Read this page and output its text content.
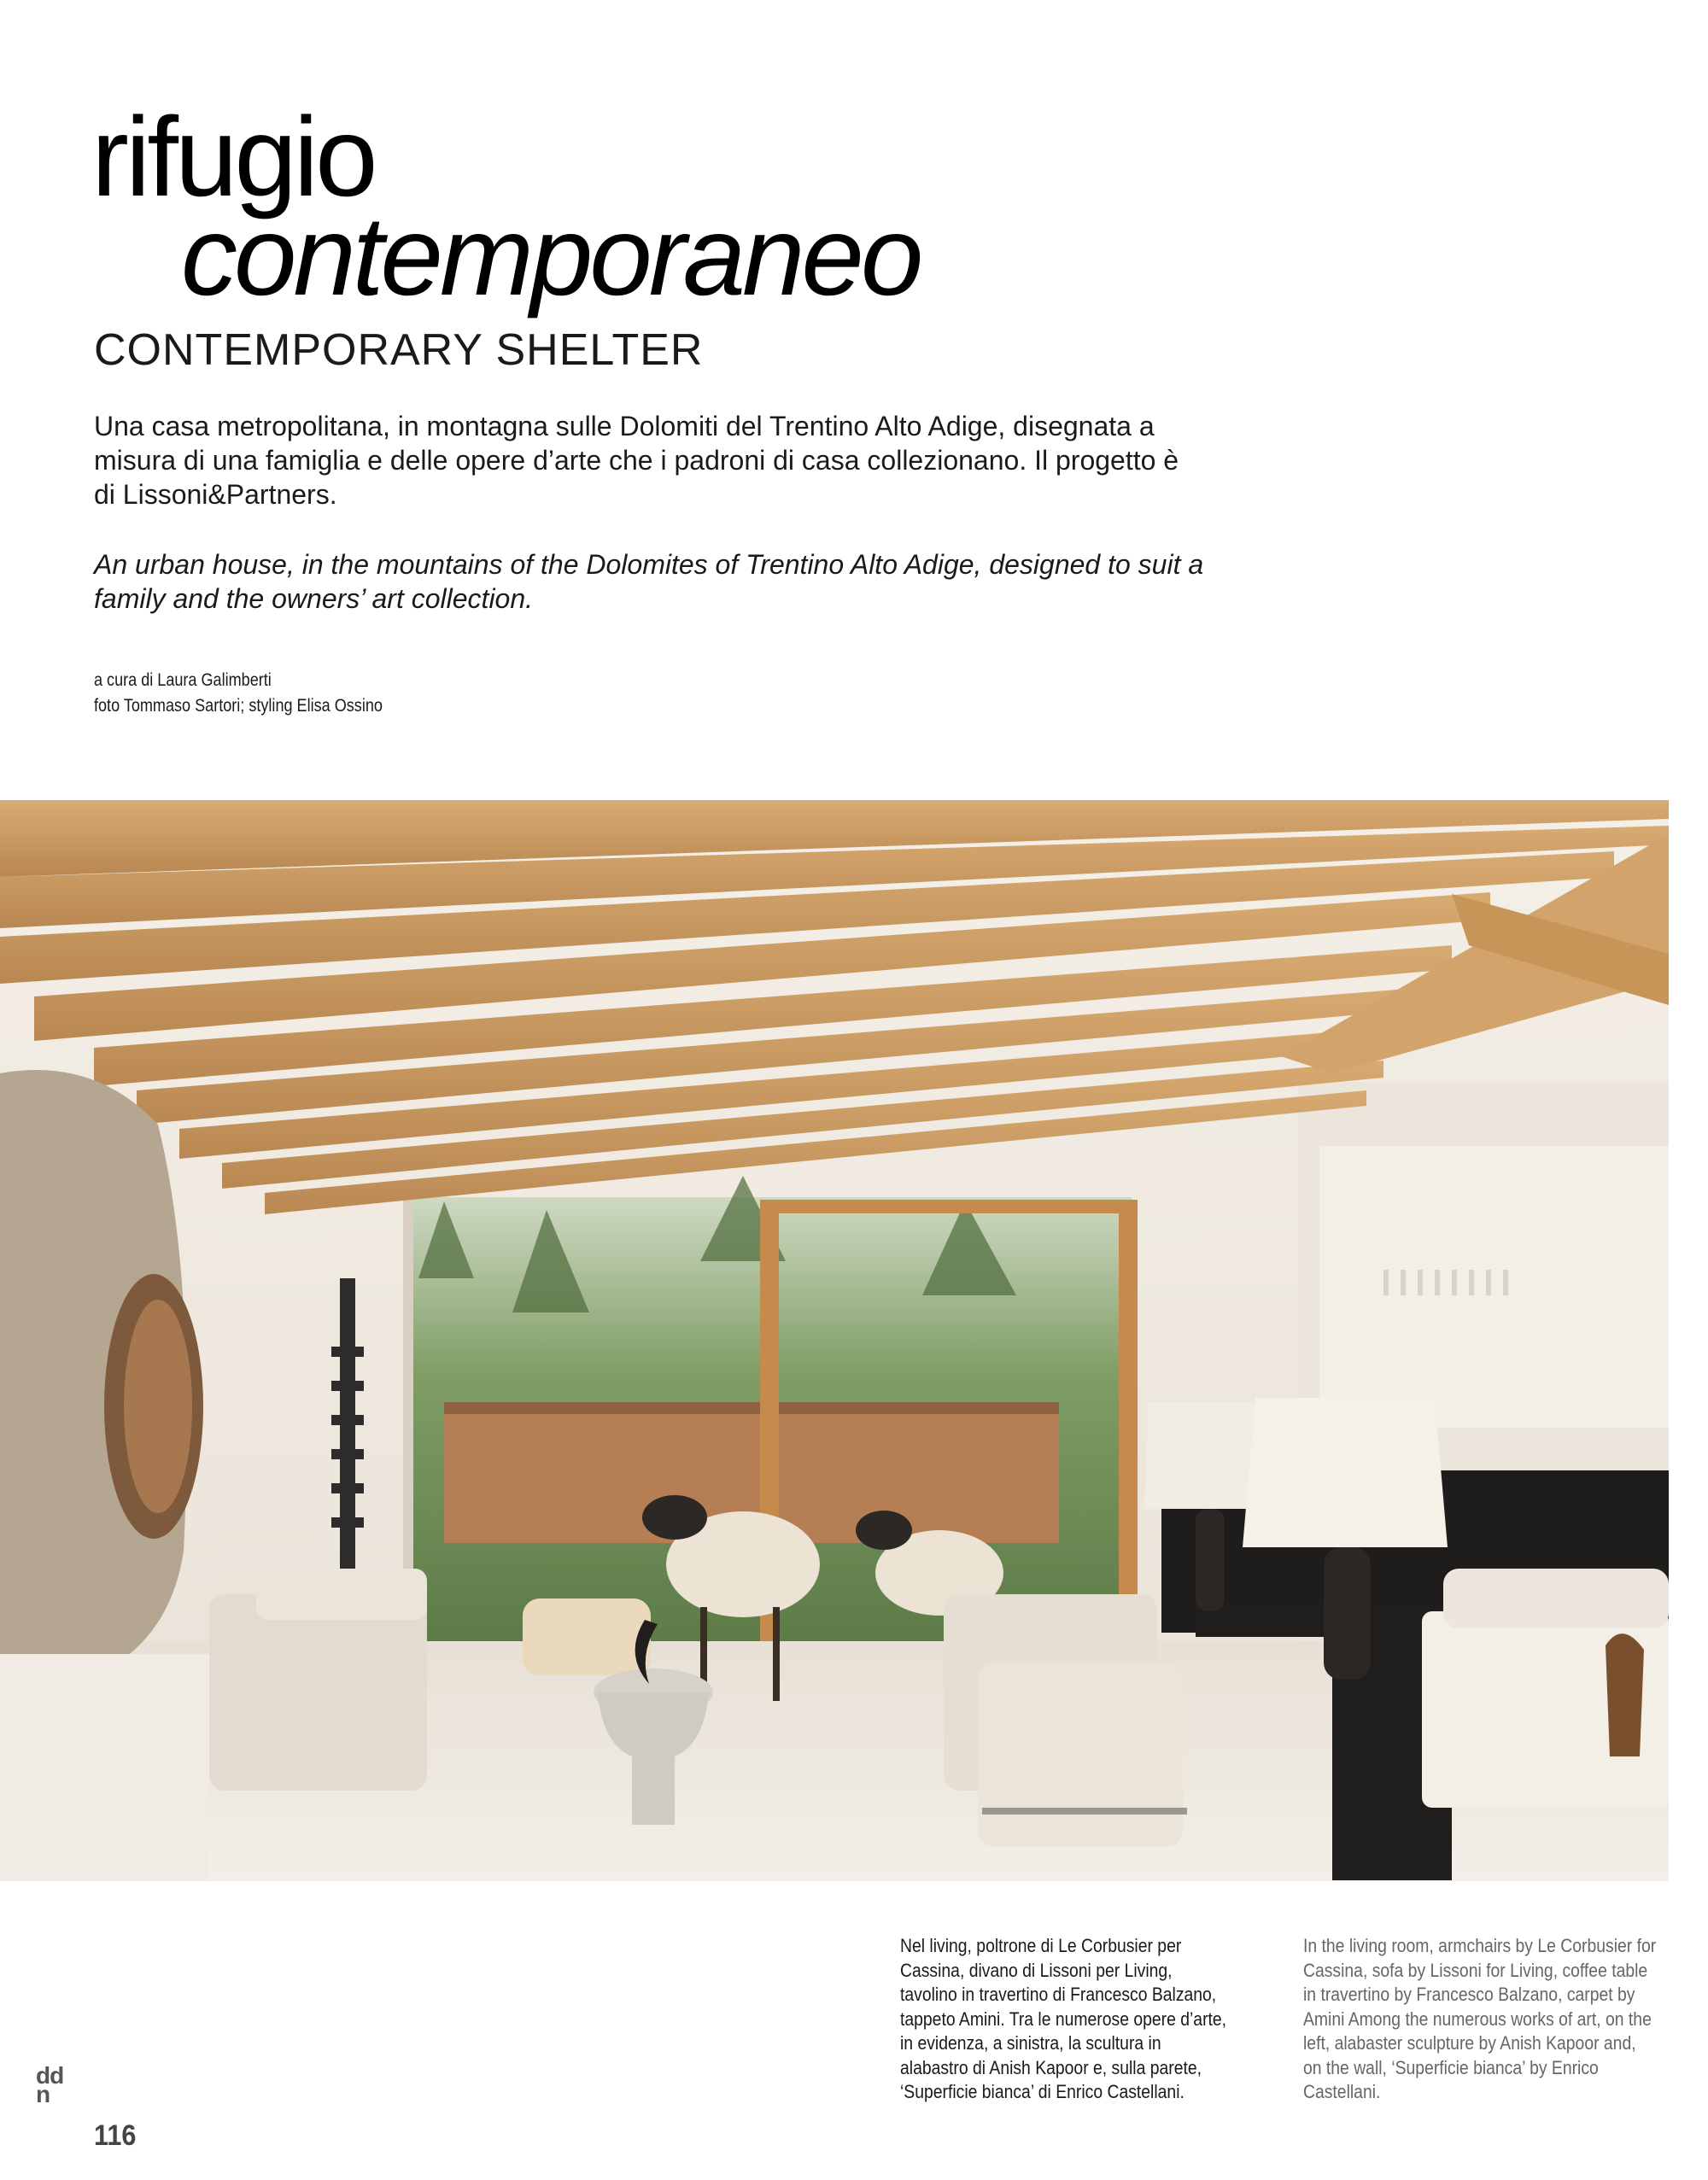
rifugio
contemporaneo
CONTEMPORARY SHELTER

Una casa metropolitana, in montagna sulle Dolomiti del Trentino Alto Adige, disegnata a misura di una famiglia e delle opere d’arte che i padroni di casa collezionano. Il progetto è di Lissoni&Partners.

An urban house, in the mountains of the Dolomites of Trentino Alto Adige, designed to suit a family and the owners’ art collection.

a cura di Laura Galimberti
foto Tommaso Sartori; styling Elisa Ossino

Nel living, poltrone di Le Corbusier per Cassina, divano di Lissoni per Living, tavolino in travertino di Francesco Balzano, tappeto Amini. Tra le numerose opere d’arte, in evidenza, a sinistra, la scultura in alabastro di Anish Kapoor e, sulla parete, ‘Superficie bianca’ di Enrico Castellani.

In the living room, armchairs by Le Corbusier for Cassina, sofa by Lissoni for Living, coffee table in travertino by Francesco Balzano, carpet by Amini Among the numerous works of art, on the left, alabaster sculpture by Anish Kapoor and, on the wall, ‘Superficie bianca’ by Enrico Castellani.

dd
n
116
